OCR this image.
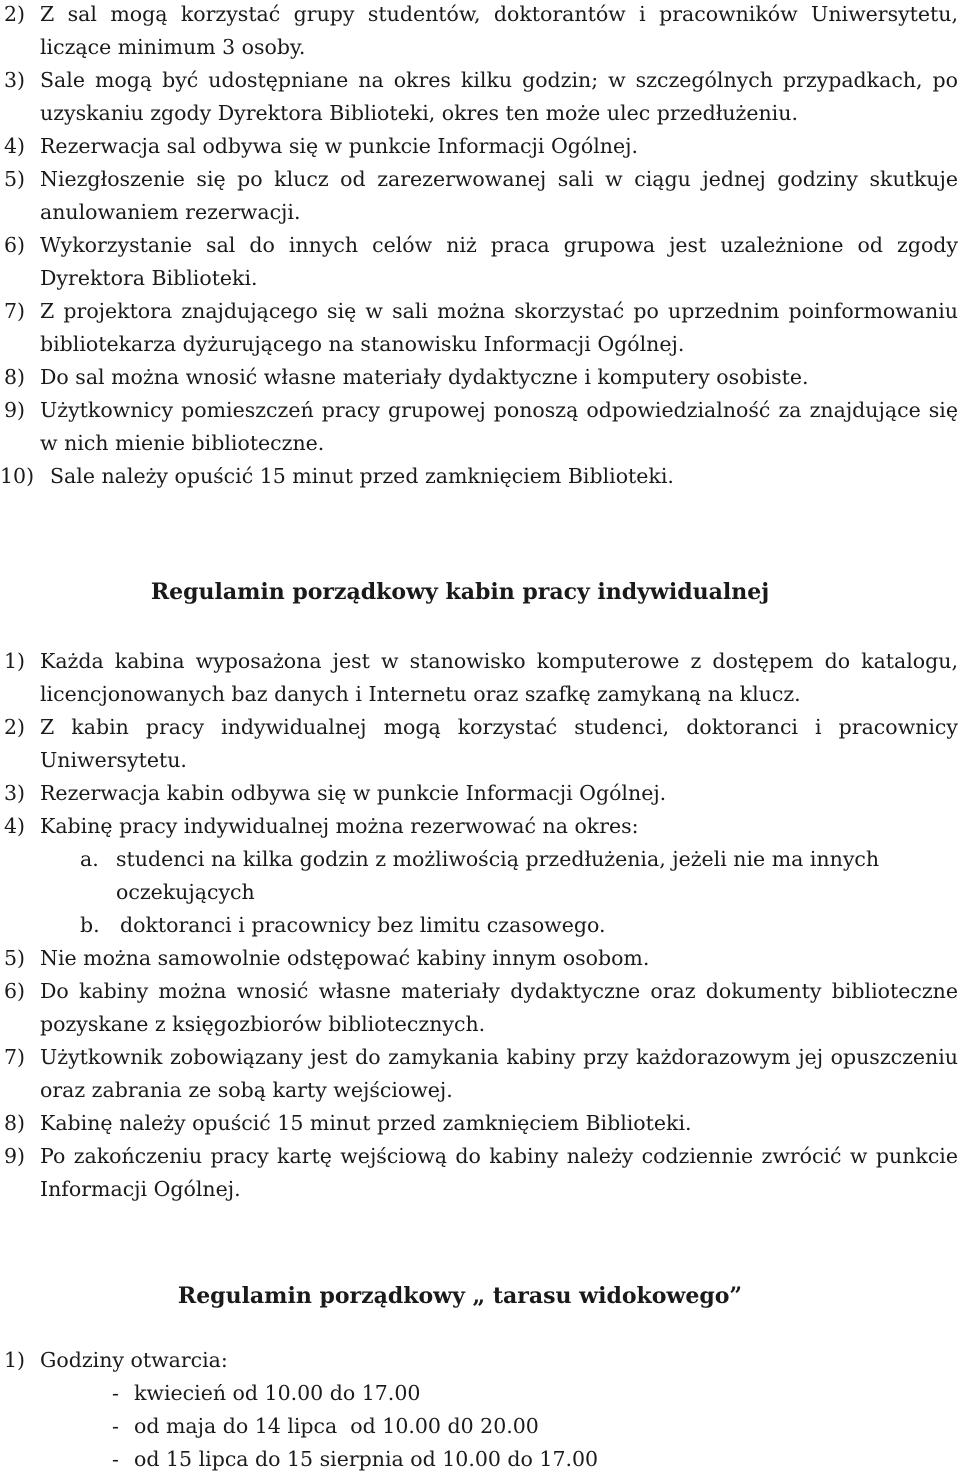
2) Z sal mogą korzystać grupy studentów, doktorantów i pracowników Uniwersytetu, liczące minimum 3 osoby.
3) Sale mogą być udostępniane na okres kilku godzin; w szczególnych przypadkach, po uzyskaniu zgody Dyrektora Biblioteki, okres ten może ulec przedłużeniu.
4) Rezerwacja sal odbywa się w punkcie Informacji Ogólnej.
5) Niezgłoszenie się po klucz od zarezerwowanej sali w ciągu jednej godziny skutkuje anulowaniem rezerwacji.
6) Wykorzystanie sal do innych celów niż praca grupowa jest uzależnione od zgody Dyrektora Biblioteki.
7) Z projektora znajdującego się w sali można skorzystać po uprzednim poinformowaniu bibliotekarza dyżurującego na stanowisku Informacji Ogólnej.
8) Do sal można wnosić własne materiały dydaktyczne i komputery osobiste.
9) Użytkownicy pomieszczeń pracy grupowej ponoszą odpowiedzialność za znajdujące się w nich mienie biblioteczne.
10) Sale należy opuścić 15 minut przed zamknięciem Biblioteki.
Regulamin porządkowy kabin pracy indywidualnej
1) Każda kabina wyposażona jest w stanowisko komputerowe z dostępem do katalogu, licencjonowanych baz danych i Internetu oraz szafkę zamykaną na klucz.
2) Z kabin pracy indywidualnej mogą korzystać studenci, doktoranci i pracownicy Uniwersytetu.
3) Rezerwacja kabin odbywa się w punkcie Informacji Ogólnej.
4) Kabinę pracy indywidualnej można rezerwować na okres:
a. studenci na kilka godzin z możliwością przedłużenia, jeżeli nie ma innych oczekujących
b. doktoranci i pracownicy bez limitu czasowego.
5) Nie można samowolnie odstępować kabiny innym osobom.
6) Do kabiny można wnosić własne materiały dydaktyczne oraz dokumenty biblioteczne pozyskane z księgozbiorów bibliotecznych.
7) Użytkownik zobowiązany jest do zamykania kabiny przy każdorazowym jej opuszczeniu oraz zabrania ze sobą karty wejściowej.
8) Kabinę należy opuścić 15 minut przed zamknięciem Biblioteki.
9) Po zakończeniu pracy kartę wejściową do kabiny należy codziennie zwrócić w punkcie Informacji Ogólnej.
Regulamin porządkowy „ tarasu widokowego”
1) Godziny otwarcia:
- kwiecień od 10.00 do 17.00
- od maja do 14 lipca  od 10.00 d0 20.00
- od 15 lipca do 15 sierpnia od 10.00 do 17.00
